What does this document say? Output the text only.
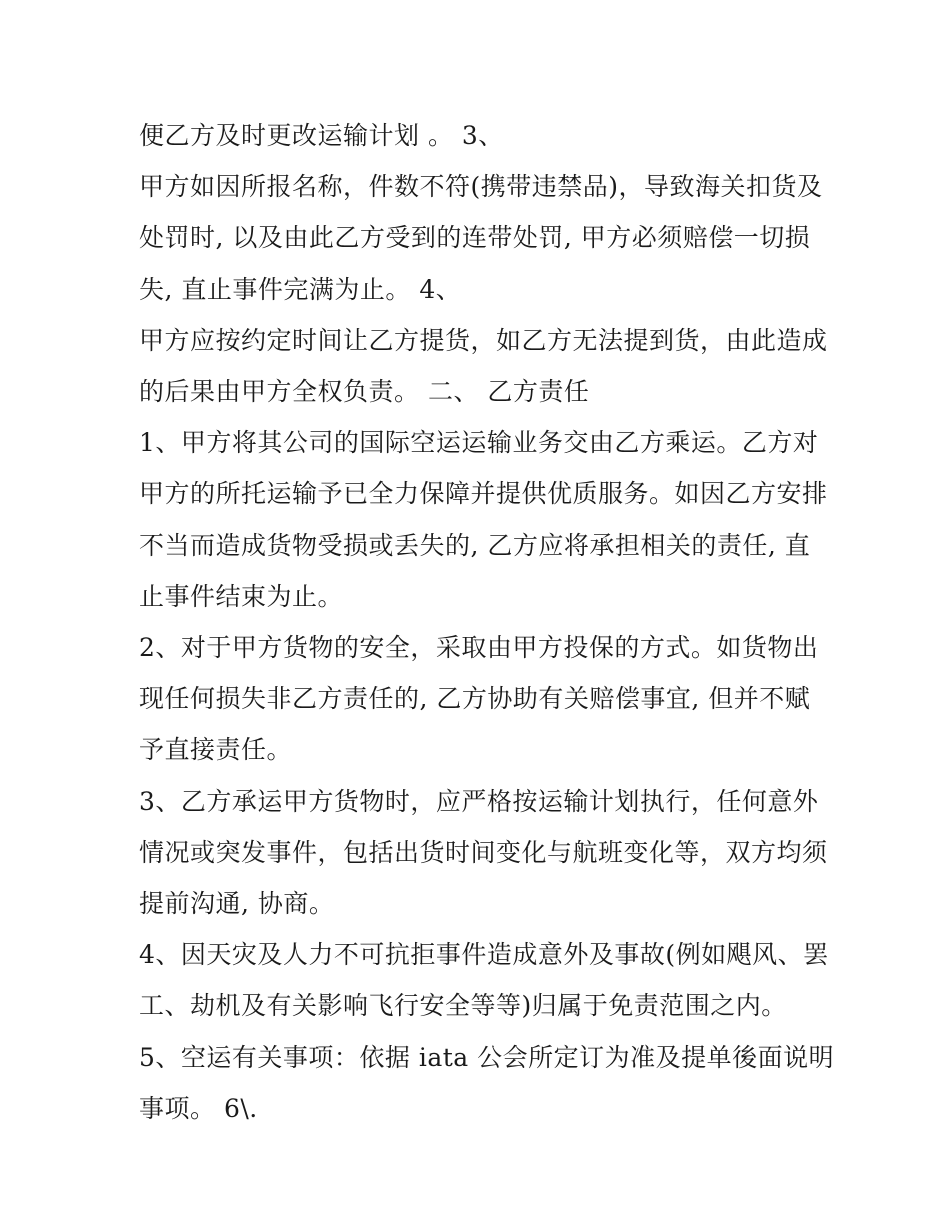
便乙方及时更改运输计划 。 3、
甲方如因所报名称，件数不符(携带违禁品)，导致海关扣货及
处罚时, 以及由此乙方受到的连带处罚, 甲方必须赔偿一切损
失, 直止事件完满为止。 4、
甲方应按约定时间让乙方提货，如乙方无法提到货，由此造成
的后果由甲方全权负责。 二、 乙方责任
1、甲方将其公司的国际空运运输业务交由乙方乘运。乙方对
甲方的所托运输予已全力保障并提供优质服务。如因乙方安排
不当而造成货物受损或丢失的, 乙方应将承担相关的责任, 直
止事件结束为止。
2、对于甲方货物的安全，采取由甲方投保的方式。如货物出
现任何损失非乙方责任的, 乙方协助有关赔偿事宜, 但并不赋
予直接责任。
3、乙方承运甲方货物时，应严格按运输计划执行，任何意外
情况或突发事件，包括出货时间变化与航班变化等，双方均须
提前沟通, 协商。
4、因天灾及人力不可抗拒事件造成意外及事故(例如飓风、罢
工、劫机及有关影响飞行安全等等)归属于免责范围之内。
5、空运有关事项：依据 iata 公会所定订为准及提单後面说明
事项。 6\.
